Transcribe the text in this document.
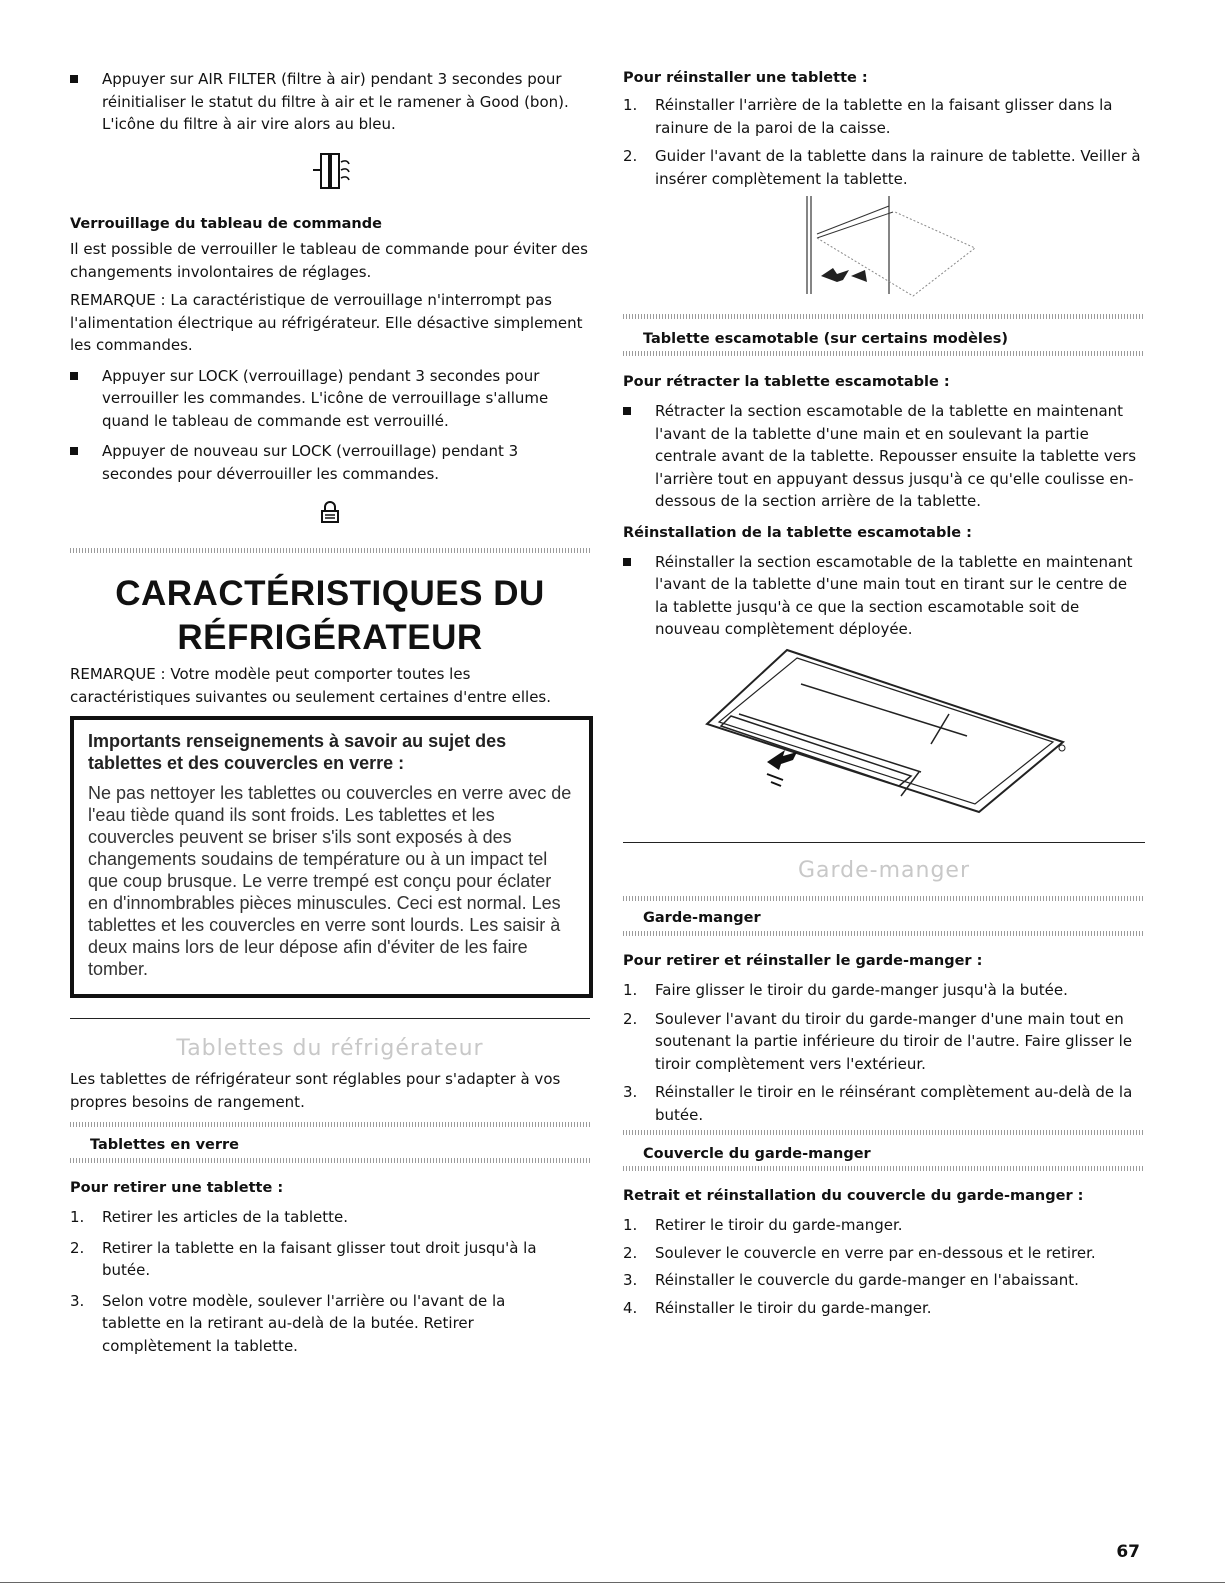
Appuyer sur AIR FILTER (filtre à air) pendant 3 secondes pour réinitialiser le statut du filtre à air et le ramener à Good (bon). L'icône du filtre à air vire alors au bleu.
Verrouillage du tableau de commande

Il est possible de verrouiller le tableau de commande pour éviter des changements involontaires de réglages.

REMARQUE : La caractéristique de verrouillage n'interrompt pas l'alimentation électrique au réfrigérateur. Elle désactive simplement les commandes.

Appuyer sur LOCK (verrouillage) pendant 3 secondes pour verrouiller les commandes. L'icône de verrouillage s'allume quand le tableau de commande est verrouillé.
Appuyer de nouveau sur LOCK (verrouillage) pendant 3 secondes pour déverrouiller les commandes.
CARACTÉRISTIQUES DU
RÉFRIGÉRATEUR

REMARQUE : Votre modèle peut comporter toutes les caractéristiques suivantes ou seulement certaines d'entre elles.

Importants renseignements à savoir au sujet des tablettes et des couvercles en verre :
Ne pas nettoyer les tablettes ou couvercles en verre avec de l'eau tiède quand ils sont froids. Les tablettes et les couvercles peuvent se briser s'ils sont exposés à des changements soudains de température ou à un impact tel que coup brusque. Le verre trempé est conçu pour éclater en d'innombrables pièces minuscules. Ceci est normal. Les tablettes et les couvercles en verre sont lourds. Les saisir à deux mains lors de leur dépose afin d'éviter de les faire tomber.
Tablettes du réfrigérateur

Les tablettes de réfrigérateur sont réglables pour s'adapter à vos propres besoins de rangement.

Tablettes en verre
Pour retirer une tablette :
1. Retirer les articles de la tablette.
2. Retirer la tablette en la faisant glisser tout droit jusqu'à la butée.
3. Selon votre modèle, soulever l'arrière ou l'avant de la tablette en la retirant au-delà de la butée. Retirer complètement la tablette.
Pour réinstaller une tablette :
1. Réinstaller l'arrière de la tablette en la faisant glisser dans la rainure de la paroi de la caisse.
2. Guider l'avant de la tablette dans la rainure de tablette. Veiller à insérer complètement la tablette.
Tablette escamotable (sur certains modèles)
Pour rétracter la tablette escamotable :
Rétracter la section escamotable de la tablette en maintenant l'avant de la tablette d'une main et en soulevant la partie centrale avant de la tablette. Repousser ensuite la tablette vers l'arrière tout en appuyant dessus jusqu'à ce qu'elle coulisse en-dessous de la section arrière de la tablette.
Réinstallation de la tablette escamotable :
Réinstaller la section escamotable de la tablette en maintenant l'avant de la tablette d'une main tout en tirant sur le centre de la tablette jusqu'à ce que la section escamotable soit de nouveau complètement déployée.
Garde-manger
Garde-manger
Pour retirer et réinstaller le garde-manger :
1. Faire glisser le tiroir du garde-manger jusqu'à la butée.
2. Soulever l'avant du tiroir du garde-manger d'une main tout en soutenant la partie inférieure du tiroir de l'autre. Faire glisser le tiroir complètement vers l'extérieur.
3. Réinstaller le tiroir en le réinsérant complètement au-delà de la butée.
Couvercle du garde-manger
Retrait et réinstallation du couvercle du garde-manger :
1. Retirer le tiroir du garde-manger.
2. Soulever le couvercle en verre par en-dessous et le retirer.
3. Réinstaller le couvercle du garde-manger en l'abaissant.
4. Réinstaller le tiroir du garde-manger.
67
